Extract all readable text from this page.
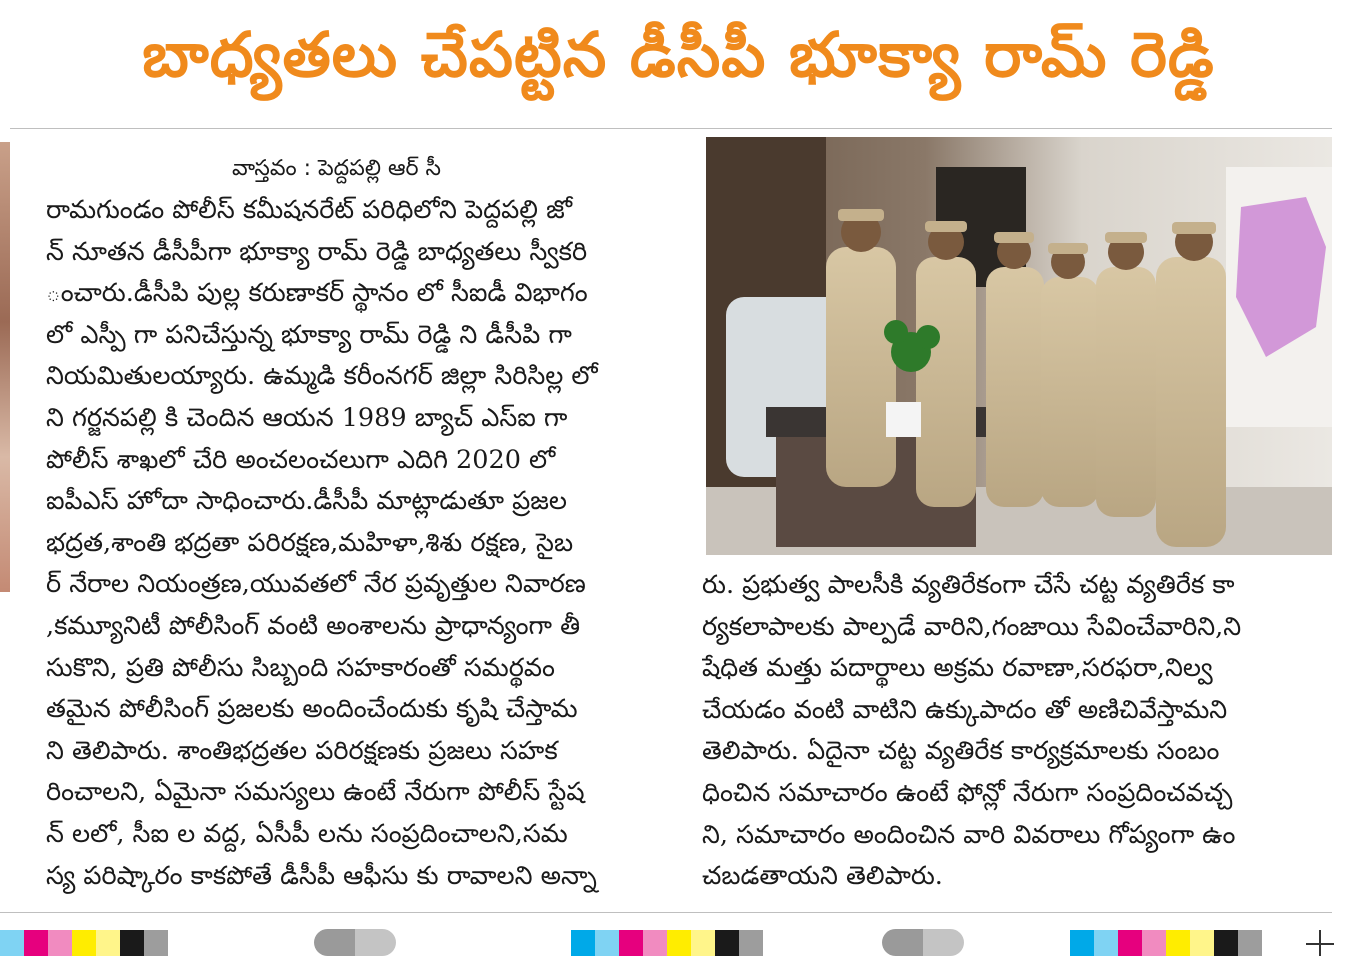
బాధ్యతలు చేపట్టిన డీసీపీ భూక్యా రామ్ రెడ్డి
వాస్తవం : పెద్దపల్లి ఆర్ సీ
రామగుండం పోలీస్ కమీషనరేట్ పరిధిలోని పెద్దపల్లి జో
న్ నూతన డీసీపీగా భూక్యా రామ్ రెడ్డి బాధ్యతలు స్వీకరి
ంచారు.డీసీపి పుల్ల కరుణాకర్ స్థానం లో సీఐడీ విభాగం
లో ఎస్పీ గా పనిచేస్తున్న భూక్యా రామ్ రెడ్డి ని డీసీపి గా
నియమితులయ్యారు. ఉమ్మడి కరీంనగర్ జిల్లా సిరిసిల్ల లో
ని గర్జనపల్లి కి చెందిన ఆయన 1989 బ్యాచ్ ఎస్ఐ గా
పోలీస్ శాఖలో చేరి అంచలంచలుగా ఎదిగి 2020 లో
ఐపీఎస్ హోదా సాధించారు.డీసీపీ మాట్లాడుతూ ప్రజల
భద్రత,శాంతి భద్రతా పరిరక్షణ,మహిళా,శిశు రక్షణ, సైబ
ర్ నేరాల నియంత్రణ,యువతలో నేర ప్రవృత్తుల నివారణ
,కమ్యూనిటీ పోలీసింగ్ వంటి అంశాలను ప్రాధాన్యంగా తీ
సుకొని, ప్రతి పోలీసు సిబ్బంది సహకారంతో సమర్థవం
తమైన పోలీసింగ్ ప్రజలకు అందించేందుకు కృషి చేస్తామ
ని తెలిపారు. శాంతిభద్రతల పరిరక్షణకు ప్రజలు సహక
రించాలని, ఏమైనా సమస్యలు ఉంటే నేరుగా పోలీస్ స్టేష
న్ లలో, సీఐ ల వద్ద, ఏసీపీ లను సంప్రదించాలని,సమ
స్య పరిష్కారం కాకపోతే డీసీపీ ఆఫీసు కు రావాలని అన్నా
రు. ప్రభుత్వ పాలసీకి వ్యతిరేకంగా చేసే చట్ట వ్యతిరేక కా
ర్యకలాపాలకు పాల్పడే వారిని,గంజాయి సేవించేవారిని,ని
షేధిత మత్తు పదార్థాలు అక్రమ రవాణా,సరఫరా,నిల్వ
చేయడం వంటి వాటిని ఉక్కుపాదం తో అణిచివేస్తామని
తెలిపారు. ఏదైనా చట్ట వ్యతిరేక కార్యక్రమాలకు సంబం
ధించిన సమాచారం ఉంటే ఫోన్లో నేరుగా సంప్రదించవచ్చ
ని, సమాచారం అందించిన వారి వివరాలు గోప్యంగా ఉం
చబడతాయని తెలిపారు.
